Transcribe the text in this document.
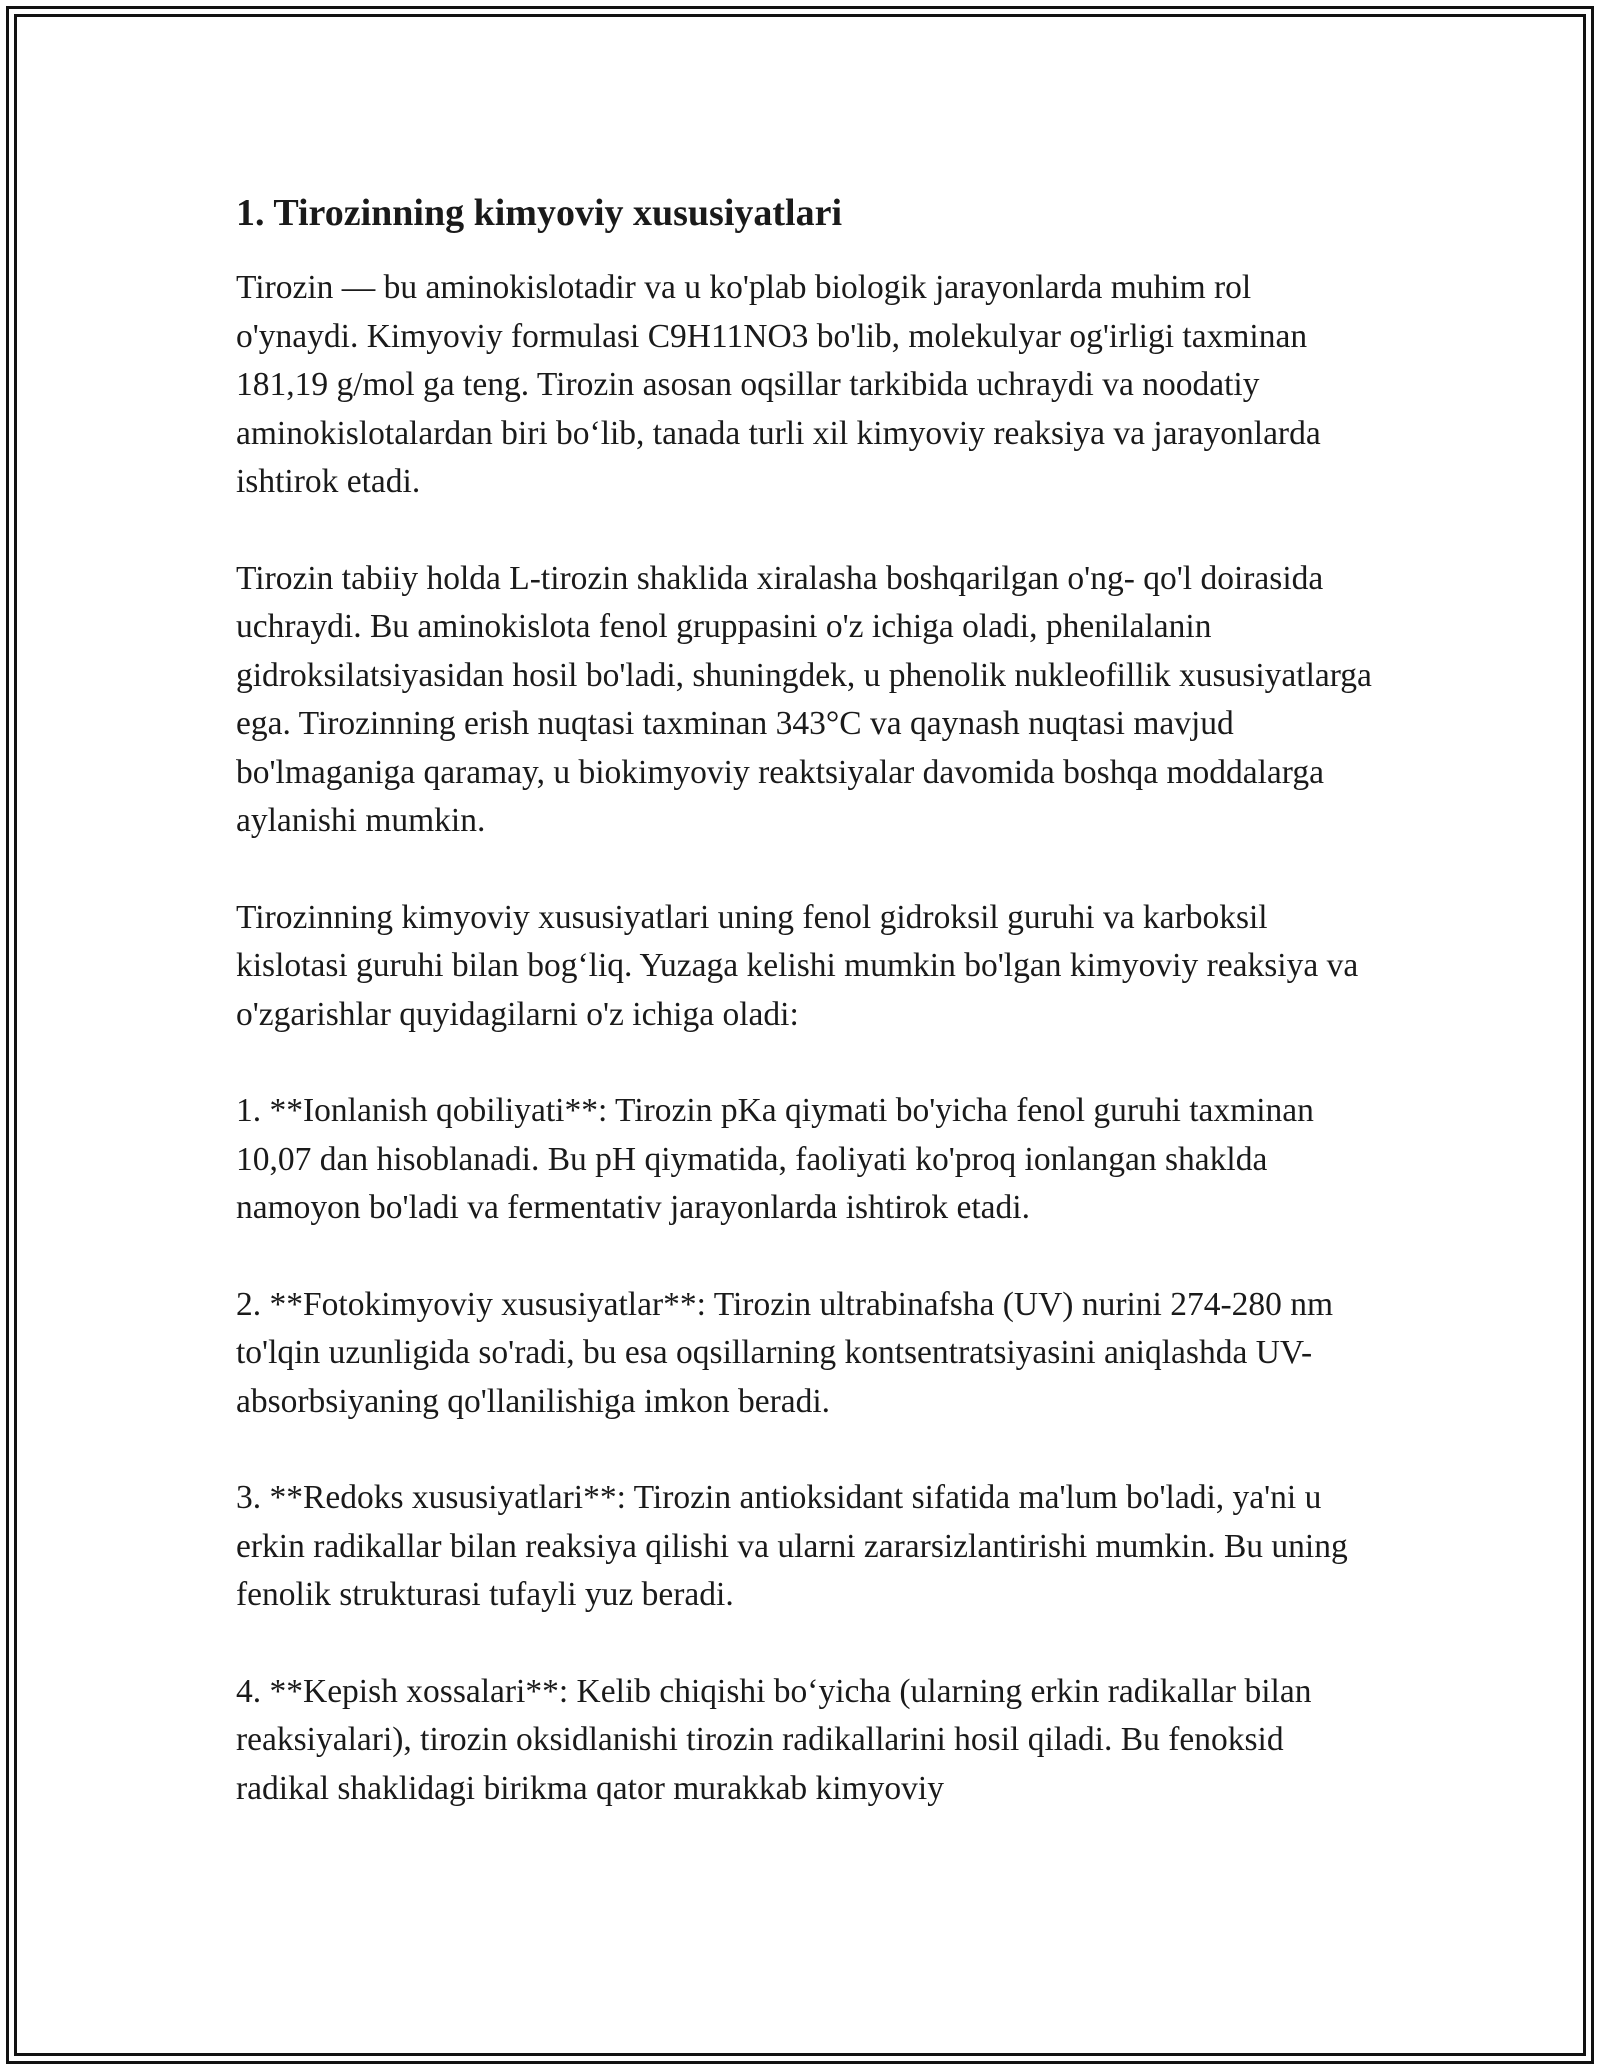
1. Tirozinning kimyoviy xususiyatlari

Tirozin — bu aminokislotadir va u ko'plab biologik jarayonlarda muhim rol o'ynaydi. Kimyoviy formulasi C9H11NO3 bo'lib, molekulyar og'irligi taxminan 181,19 g/mol ga teng. Tirozin asosan oqsillar tarkibida uchraydi va noodatiy aminokislotalardan biri bo‘lib, tanada turli xil kimyoviy reaksiya va jarayonlarda ishtirok etadi.

Tirozin tabiiy holda L-tirozin shaklida xiralasha boshqarilgan o'ng- qo'l doirasida uchraydi. Bu aminokislota fenol gruppasini o'z ichiga oladi, phenilalanin gidroksilatsiyasidan hosil bo'ladi, shuningdek, u phenolik nukleofillik xususiyatlarga ega. Tirozinning erish nuqtasi taxminan 343°C va qaynash nuqtasi mavjud bo'lmaganiga qaramay, u biokimyoviy reaktsiyalar davomida boshqa moddalarga aylanishi mumkin.

Tirozinning kimyoviy xususiyatlari uning fenol gidroksil guruhi va karboksil kislotasi guruhi bilan bog‘liq. Yuzaga kelishi mumkin bo'lgan kimyoviy reaksiya va o'zgarishlar quyidagilarni o'z ichiga oladi:

1. **Ionlanish qobiliyati**: Tirozin pKa qiymati bo'yicha fenol guruhi taxminan 10,07 dan hisoblanadi. Bu pH qiymatida, faoliyati ko'proq ionlangan shakldа namoyon bo'ladi va fermentativ jarayonlarda ishtirok etadi.

2. **Fotokimyoviy xususiyatlar**: Tirozin ultrabinafsha (UV) nurini 274-280 nm to'lqin uzunligida so'radi, bu esa oqsillarning kontsentratsiyasini aniqlashda UV-absorbsiyaning qo'llanilishiga imkon beradi.

3. **Redoks xususiyatlari**: Tirozin antioksidant sifatida ma'lum bo'ladi, ya'ni u erkin radikallar bilan reaksiya qilishi va ularni zararsizlantirishi mumkin. Bu uning fenolik strukturasi tufayli yuz beradi.

4. **Kepish xossalari**: Kelib chiqishi bo‘yicha (ularning erkin radikallar bilan reaksiyalari), tirozin oksidlanishi tirozin radikallarini hosil qiladi. Bu fenoksid radikal shaklidagi birikma qator murakkab kimyoviy
